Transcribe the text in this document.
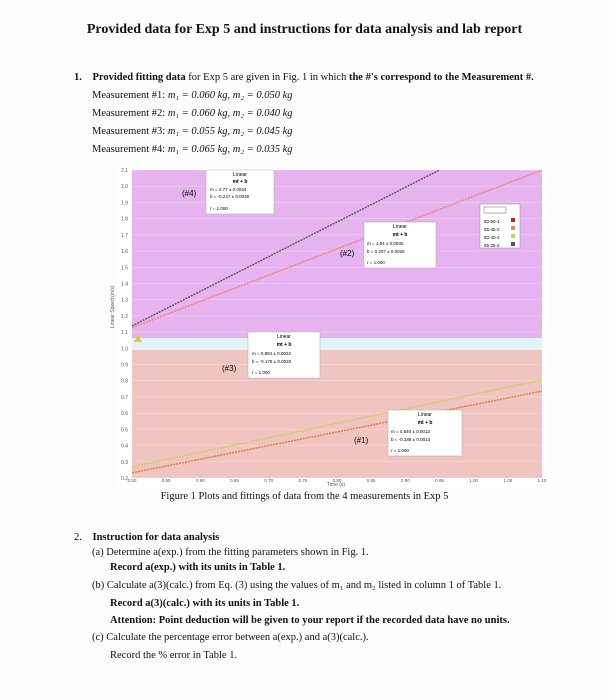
Provided data for Exp 5 and instructions for data analysis and lab report
1. Provided fitting data for Exp 5 are given in Fig. 1 in which the #'s correspond to the Measurement #.
Measurement #1: m₁ = 0.060 kg, m₂ = 0.050 kg
Measurement #2: m₁ = 0.060 kg, m₂ = 0.040 kg
Measurement #3: m₁ = 0.055 kg, m₂ = 0.045 kg
Measurement #4: m₁ = 0.065 kg, m₂ = 0.035 kg
0.2
0.3
0.4
0.5
0.6
0.7
0.8
0.9
1.0
1.1
1.2
1.3
1.4
1.5
1.6
1.7
1.8
1.9
2.0
2.1
0.50	0.55	0.60	0.65	0.70	0.75	0.80	0.85	0.90	0.95	1.00	1.05	1.10
Linear Speed (m/s)
Time (s)
Linear
mt + b
m = 2.77 ± 0.0044
b = -0.247 ± 0.0039
r = 1.000
(#4)
Linear
mt + b
m = 1.84 ± 0.0030
b = 0.207 ± 0.0026
r = 1.000
(#2)
Linear
mt + b
m = 0.894 ± 0.0022
b = -0.178 ± 0.0020
r = 1.000
(#3)
Linear
mt + b
m = 0.840 ± 0.0013
b = -0.188 ± 0.0013
r = 1.000
(#1)
60-50-1
55-45-2
60-40-3
65-35-2
Figure 1 Plots and fittings of data from the 4 measurements in Exp 5
2. Instruction for data analysis
(a) Determine a(exp.) from the fitting parameters shown in Fig. 1.
Record a(exp.) with its units in Table 1.
(b) Calculate a(3)(calc.) from Eq. (3) using the values of m₁ and m₂ listed in column 1 of Table 1.
Record a(3)(calc.) with its units in Table 1.
Attention: Point deduction will be given to your report if the recorded data have no units.
(c) Calculate the percentage error between a(exp.) and a(3)(calc.).
Record the % error in Table 1.
